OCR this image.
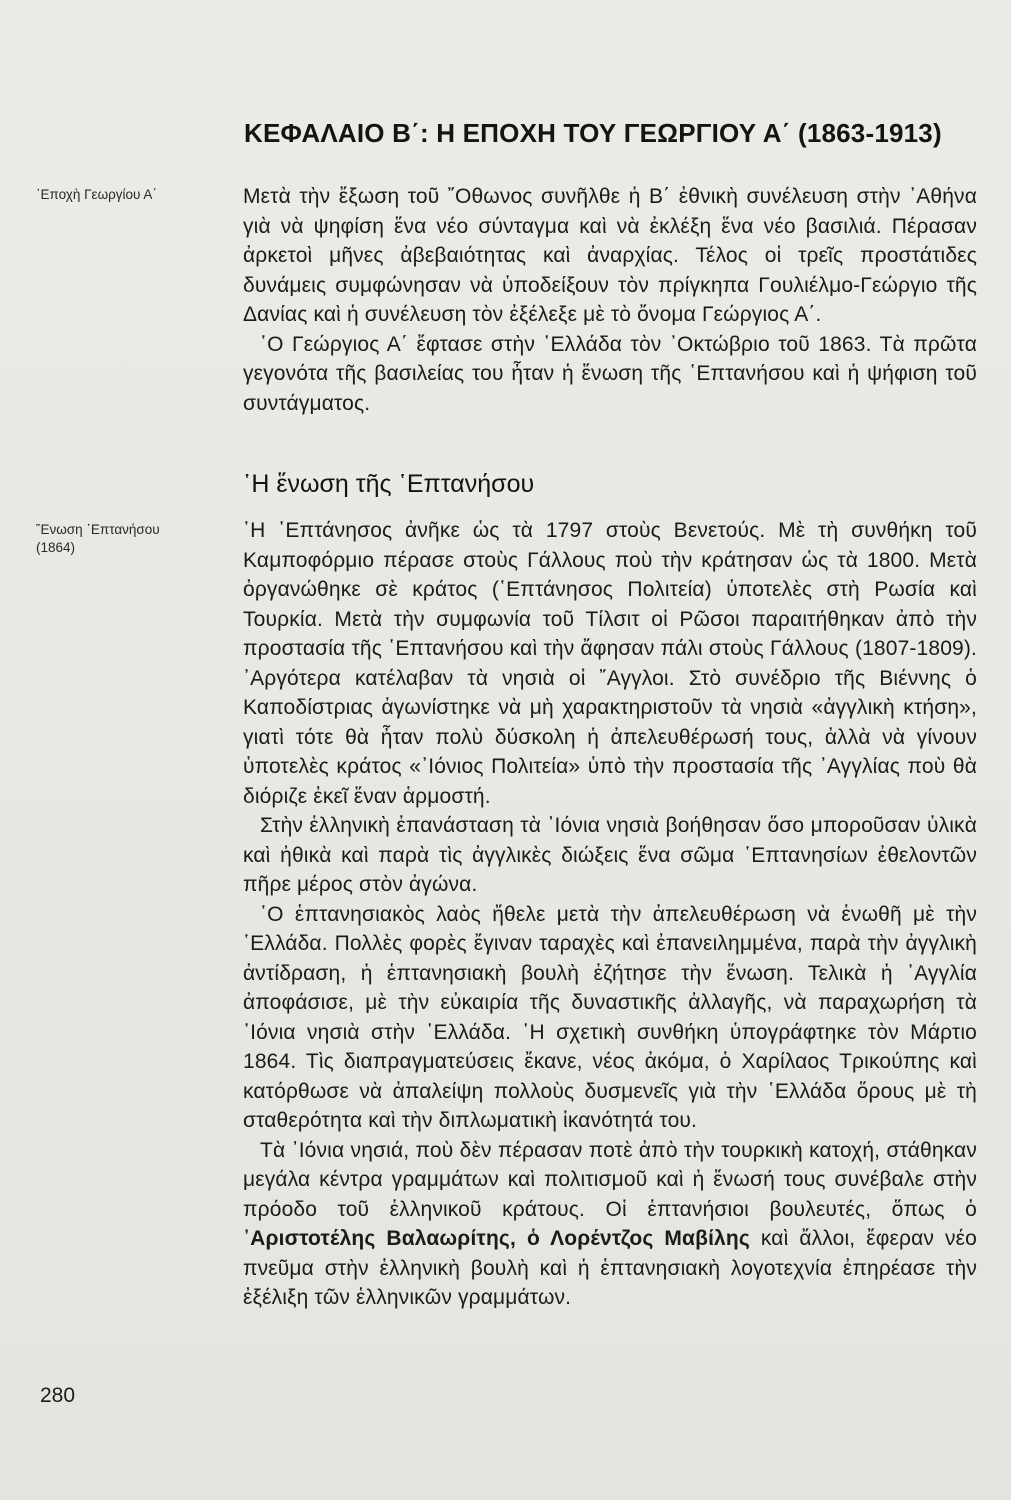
ΚΕΦΑΛΑΙΟ Β΄: Η ΕΠΟΧΗ ΤΟΥ ΓΕΩΡΓΙΟΥ Α΄ (1863-1913)
᾿Εποχὴ Γεωργίου Α΄	Μετὰ τὴν ἔξωση τοῦ ῎Οθωνος συνῆλθε ἡ Β΄ ἐθνικὴ συνέλευση στὴν ᾿Αθήνα γιὰ νὰ ψηφίση ἕνα νέο σύνταγμα καὶ νὰ ἐκλέξη ἕνα νέο βασιλιά. Πέρασαν ἀρκετοὶ μῆνες ἀβεβαιότητας καὶ ἀναρχίας. Τέλος οἱ τρεῖς προστάτιδες δυνάμεις συμφώνησαν νὰ ὑποδείξουν τὸν πρίγκηπα Γουλιέλμο-Γεώργιο τῆς Δανίας καὶ ἡ συνέλευση τὸν ἐξέλεξε μὲ τὸ ὄνομα Γεώργιος Α΄.

῾Ο Γεώργιος Α΄ ἔφτασε στὴν ῾Ελλάδα τὸν ᾿Οκτώβριο τοῦ 1863. Τὰ πρῶτα γεγονότα τῆς βασιλείας του ἦταν ἡ ἕνωση τῆς ῾Επτανήσου καὶ ἡ ψήφιση τοῦ συντάγματος.

῾Η ἕνωση τῆς ῾Επτανήσου
῞Ενωση ῾Επτανήσου
(1864)

῾Η ῾Επτάνησος ἀνῆκε ὡς τὰ 1797 στοὺς Βενετούς. Μὲ τὴ συνθήκη τοῦ Καμποφόρμιο πέρασε στοὺς Γάλλους ποὺ τὴν κράτησαν ὡς τὰ 1800. Μετὰ ὀργανώθηκε σὲ κράτος (῾Επτάνησος Πολιτεία) ὑποτελὲς στὴ Ρωσία καὶ Τουρκία. Μετὰ τὴν συμφωνία τοῦ Τίλσιτ οἱ Ρῶσοι παραιτήθηκαν ἀπὸ τὴν προστασία τῆς ῾Επτανήσου καὶ τὴν ἄφησαν πάλι στοὺς Γάλλους (1807-1809). ᾿Αργότερα κατέλαβαν τὰ νησιὰ οἱ ῎Αγγλοι. Στὸ συνέδριο τῆς Βιέννης ὁ Καποδίστριας ἀγωνίστηκε νὰ μὴ χαρακτηριστοῦν τὰ νησιὰ «ἀγγλικὴ κτήση», γιατὶ τότε θὰ ἦταν πολὺ δύσκολη ἡ ἀπελευθέρωσή τους, ἀλλὰ νὰ γίνουν ὑποτελὲς κράτος «᾿Ιόνιος Πολιτεία» ὑπὸ τὴν προστασία τῆς ᾿Αγγλίας ποὺ θὰ διόριζε ἐκεῖ ἕναν ἁρμοστή.

Στὴν ἑλληνικὴ ἐπανάσταση τὰ ᾿Ιόνια νησιὰ βοήθησαν ὅσο μποροῦσαν ὑλικὰ καὶ ἠθικὰ καὶ παρὰ τὶς ἀγγλικὲς διώξεις ἕνα σῶμα ῾Επτανησίων ἐθελοντῶν πῆρε μέρος στὸν ἀγώνα.

῾Ο ἑπτανησιακὸς λαὸς ἤθελε μετὰ τὴν ἀπελευθέρωση νὰ ἑνωθῆ μὲ τὴν ῾Ελλάδα. Πολλὲς φορὲς ἔγιναν ταραχὲς καὶ ἐπανειλημμένα, παρὰ τὴν ἀγγλικὴ ἀντίδραση, ἡ ἑπτανησιακὴ βουλὴ ἐζήτησε τὴν ἕνωση. Τελικὰ ἡ ᾿Αγγλία ἀποφάσισε, μὲ τὴν εὐκαιρία τῆς δυναστικῆς ἀλλαγῆς, νὰ παραχωρήση τὰ ᾿Ιόνια νησιὰ στὴν ῾Ελλάδα. ῾Η σχετικὴ συνθήκη ὑπογράφτηκε τὸν Μάρτιο 1864. Τὶς διαπραγματεύσεις ἔκανε, νέος ἀκόμα, ὁ Χαρίλαος Τρικούπης καὶ κατόρθωσε νὰ ἀπαλείψη πολλοὺς δυσμενεῖς γιὰ τὴν ῾Ελλάδα ὅρους μὲ τὴ σταθερότητα καὶ τὴν διπλωματικὴ ἱκανότητά του.

Τὰ ᾿Ιόνια νησιά, ποὺ δὲν πέρασαν ποτὲ ἀπὸ τὴν τουρκικὴ κατοχή, στάθηκαν μεγάλα κέντρα γραμμάτων καὶ πολιτισμοῦ καὶ ἡ ἕνωσή τους συνέβαλε στὴν πρόοδο τοῦ ἑλληνικοῦ κράτους. Οἱ ἑπτανήσιοι βουλευτές, ὅπως ὁ ᾿Αριστοτέλης Βαλαωρίτης, ὁ Λορέντζος Μαβίλης καὶ ἄλλοι, ἔφεραν νέο πνεῦμα στὴν ἑλληνικὴ βουλὴ καὶ ἡ ἑπτανησιακὴ λογοτεχνία ἐπηρέασε τὴν ἐξέλιξη τῶν ἑλληνικῶν γραμμάτων.

280
